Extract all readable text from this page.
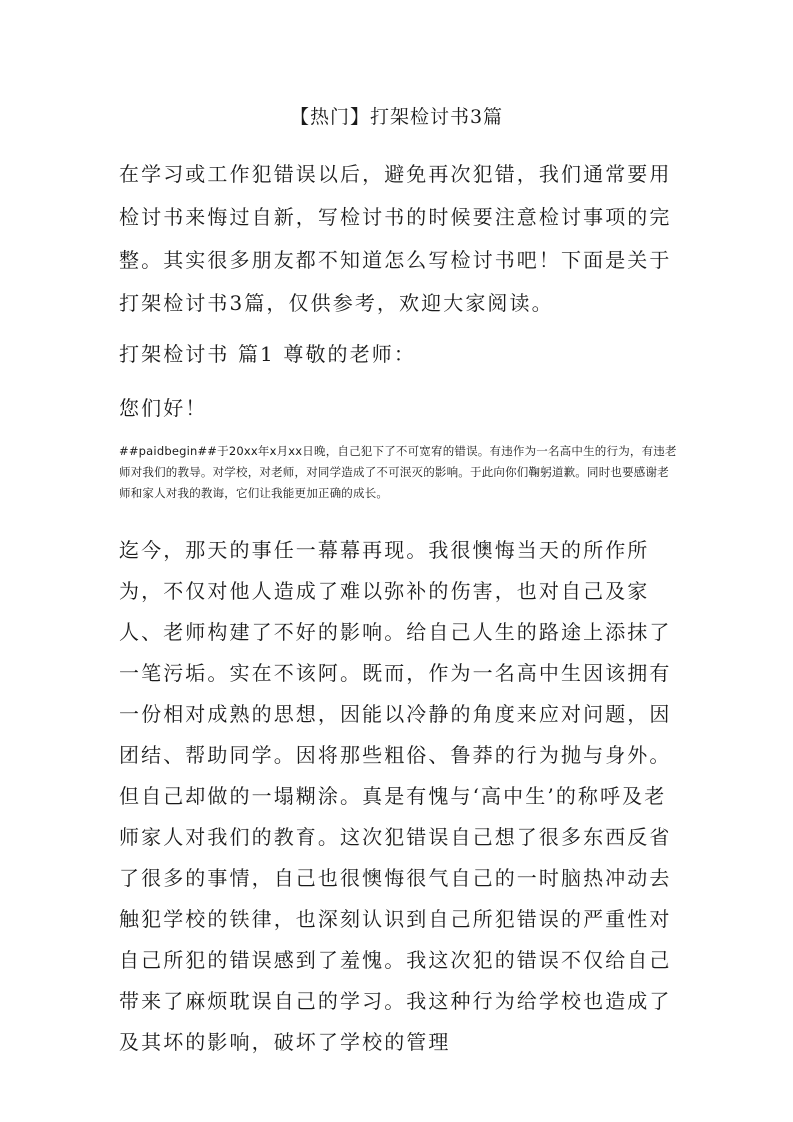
【热门】打架检讨书3篇

在学习或工作犯错误以后，避免再次犯错，我们通常要用检讨书来悔过自新，写检讨书的时候要注意检讨事项的完整。其实很多朋友都不知道怎么写检讨书吧！下面是关于打架检讨书3篇，仅供参考，欢迎大家阅读。

打架检讨书 篇1 尊敬的老师：

您们好！

##paidbegin##于20xx年x月xx日晚，自己犯下了不可宽宥的错误。有违作为一名高中生的行为，有违老师对我们的教导。对学校，对老师，对同学造成了不可泯灭的影响。于此向你们鞠躬道歉。同时也要感谢老师和家人对我的教诲，它们让我能更加正确的成长。

迄今，那天的事任一幕幕再现。我很懊悔当天的所作所为，不仅对他人造成了难以弥补的伤害，也对自己及家人、老师构建了不好的影响。给自己人生的路途上添抹了一笔污垢。实在不该阿。既而，作为一名高中生因该拥有一份相对成熟的思想，因能以冷静的角度来应对问题，因团结、帮助同学。因将那些粗俗、鲁莽的行为抛与身外。但自己却做的一塌糊涂。真是有愧与‘高中生’的称呼及老师家人对我们的教育。这次犯错误自己想了很多东西反省了很多的事情，自己也很懊悔很气自己的一时脑热冲动去触犯学校的铁律，也深刻认识到自己所犯错误的严重性对自己所犯的错误感到了羞愧。我这次犯的错误不仅给自己带来了麻烦耽误自己的学习。我这种行为给学校也造成了及其坏的影响，破坏了学校的管理
